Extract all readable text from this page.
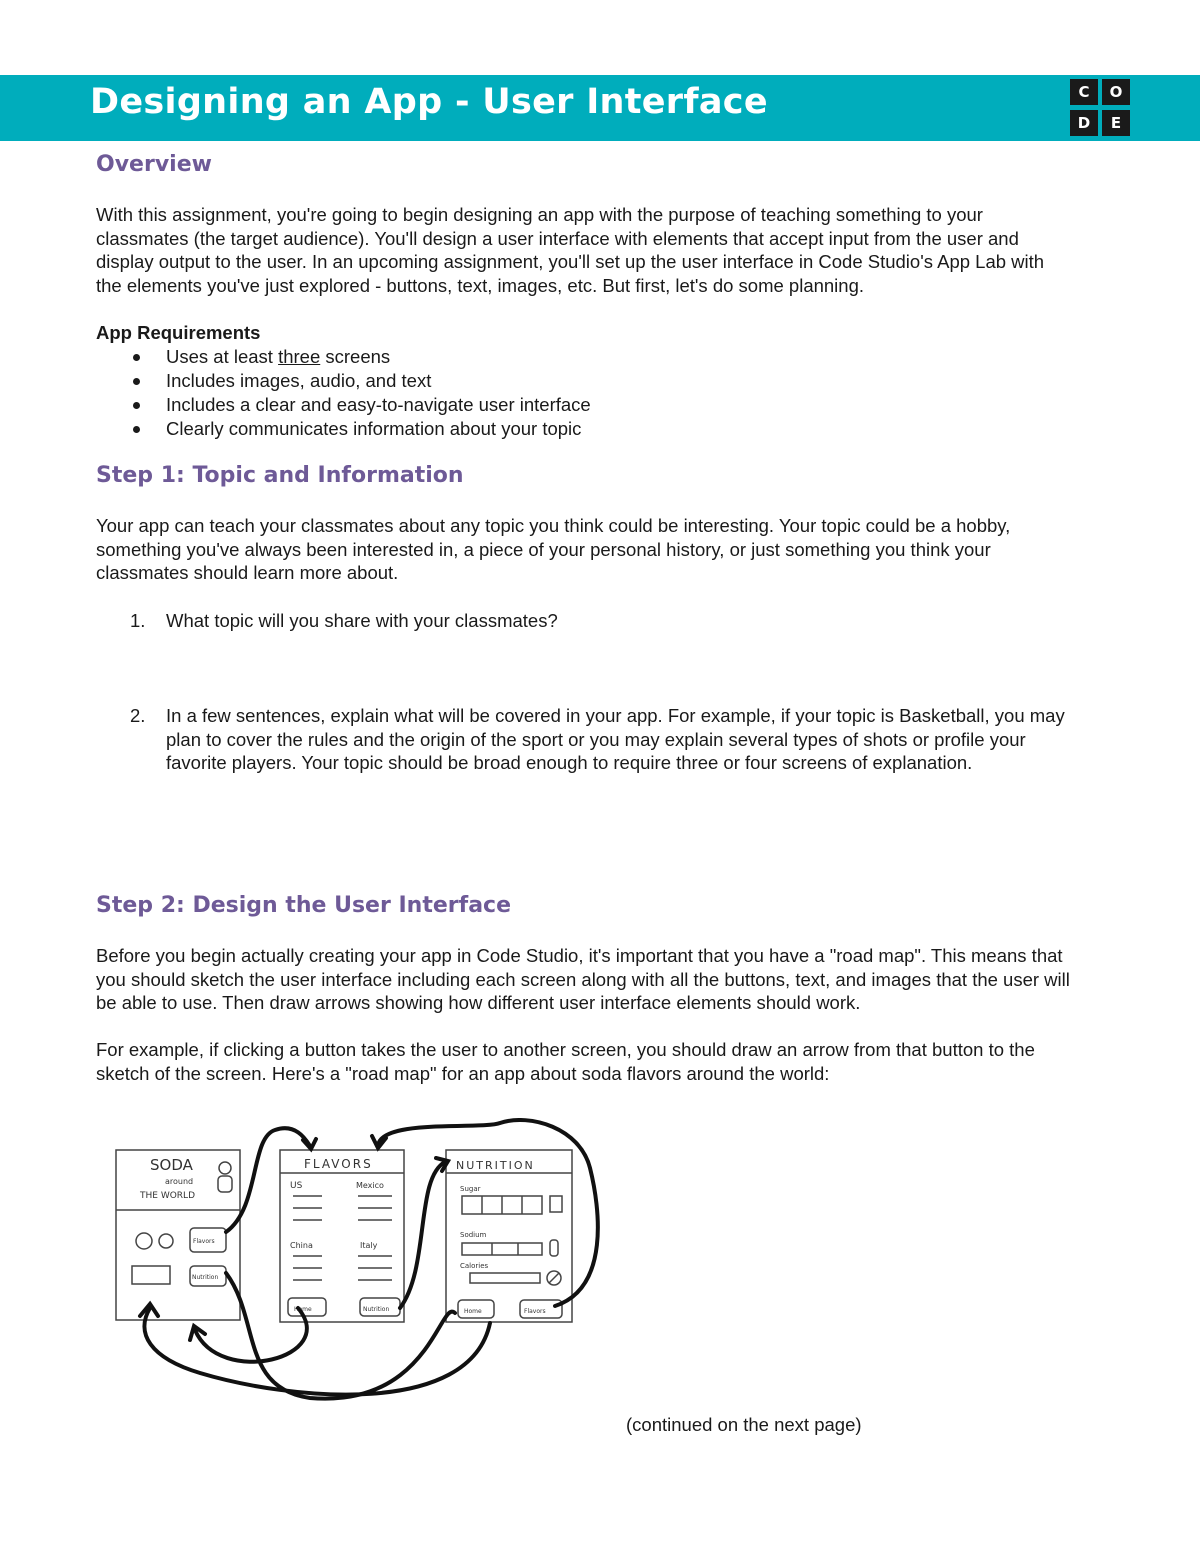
Designing an App - User Interface	C	O
D	E
Overview
With this assignment, you're going to begin designing an app with the purpose of teaching something to your
classmates (the target audience). You'll design a user interface with elements that accept input from the user and
display output to the user. In an upcoming assignment, you'll set up the user interface in Code Studio's App Lab with
the elements you've just explored - buttons, text, images, etc. But first, let's do some planning.
App Requirements
Uses at least three screens
Includes images, audio, and text
Includes a clear and easy-to-navigate user interface
Clearly communicates information about your topic
Step 1: Topic and Information
Your app can teach your classmates about any topic you think could be interesting. Your topic could be a hobby,
something you've always been interested in, a piece of your personal history, or just something you think your
classmates should learn more about.
1. What topic will you share with your classmates?
2. In a few sentences, explain what will be covered in your app. For example, if your topic is Basketball, you may
plan to cover the rules and the origin of the sport or you may explain several types of shots or profile your
favorite players. Your topic should be broad enough to require three or four screens of explanation.
Step 2: Design the User Interface
Before you begin actually creating your app in Code Studio, it's important that you have a "road map". This means that
you should sketch the user interface including each screen along with all the buttons, text, and images that the user will
be able to use. Then draw arrows showing how different user interface elements should work.
For example, if clicking a button takes the user to another screen, you should draw an arrow from that button to the
sketch of the screen. Here's a "road map" for an app about soda flavors around the world:
SODA
around
THE WORLD
Flavors
Nutrition
FLAVORS
US	Mexico
China	Italy
Home	Nutrition
NUTRITION
Sugar
Sodium
Calories
Home	Flavors
(continued on the next page)
